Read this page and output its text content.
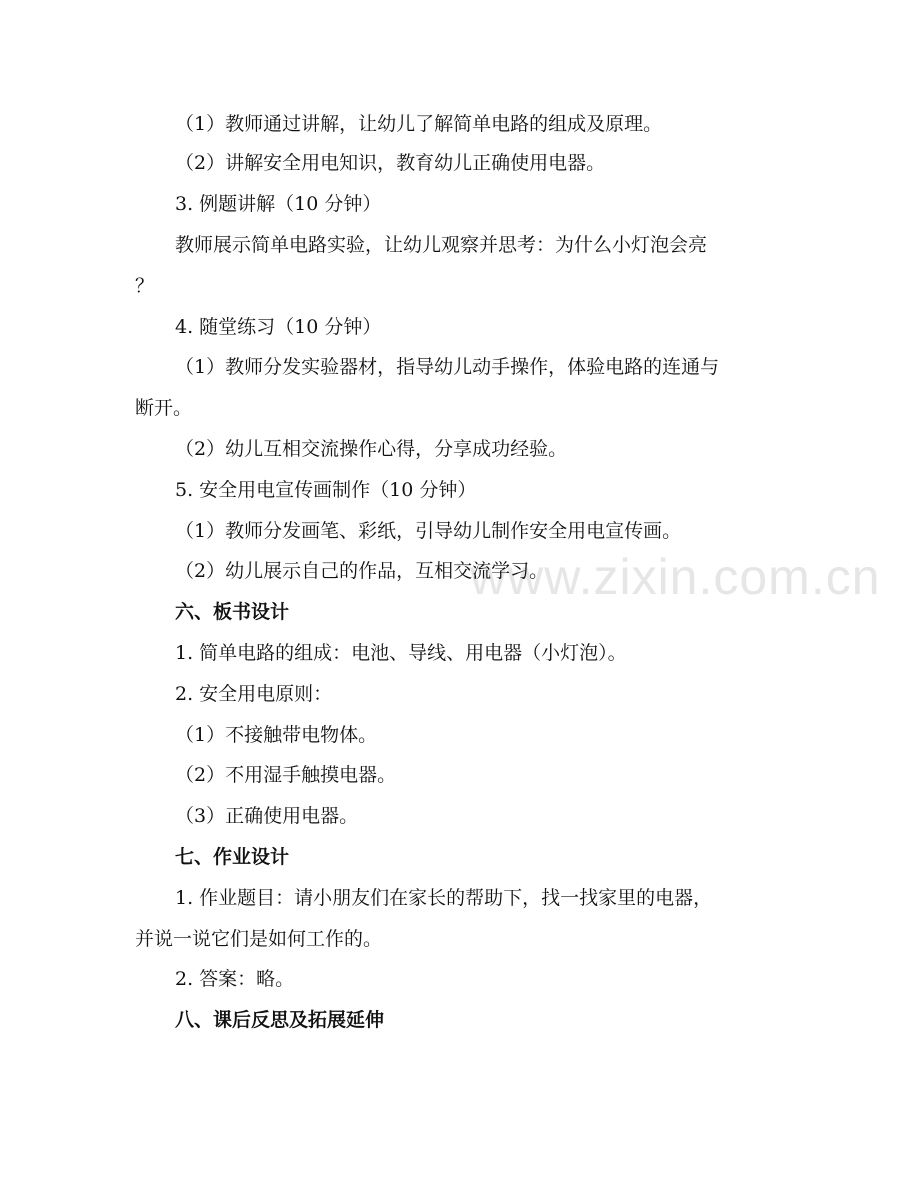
www.zixin.com.cn
（1）教师通过讲解，让幼儿了解简单电路的组成及原理。
（2）讲解安全用电知识，教育幼儿正确使用电器。
3. 例题讲解（10 分钟）
教师展示简单电路实验，让幼儿观察并思考：为什么小灯泡会亮
？
4. 随堂练习（10 分钟）
（1）教师分发实验器材，指导幼儿动手操作，体验电路的连通与
断开。
（2）幼儿互相交流操作心得，分享成功经验。
5. 安全用电宣传画制作（10 分钟）
（1）教师分发画笔、彩纸，引导幼儿制作安全用电宣传画。
（2）幼儿展示自己的作品，互相交流学习。
六、板书设计
1. 简单电路的组成：电池、导线、用电器（小灯泡）。
2. 安全用电原则：
（1）不接触带电物体。
（2）不用湿手触摸电器。
（3）正确使用电器。
七、作业设计
1. 作业题目：请小朋友们在家长的帮助下，找一找家里的电器，
并说一说它们是如何工作的。
2. 答案：略。
八、课后反思及拓展延伸
